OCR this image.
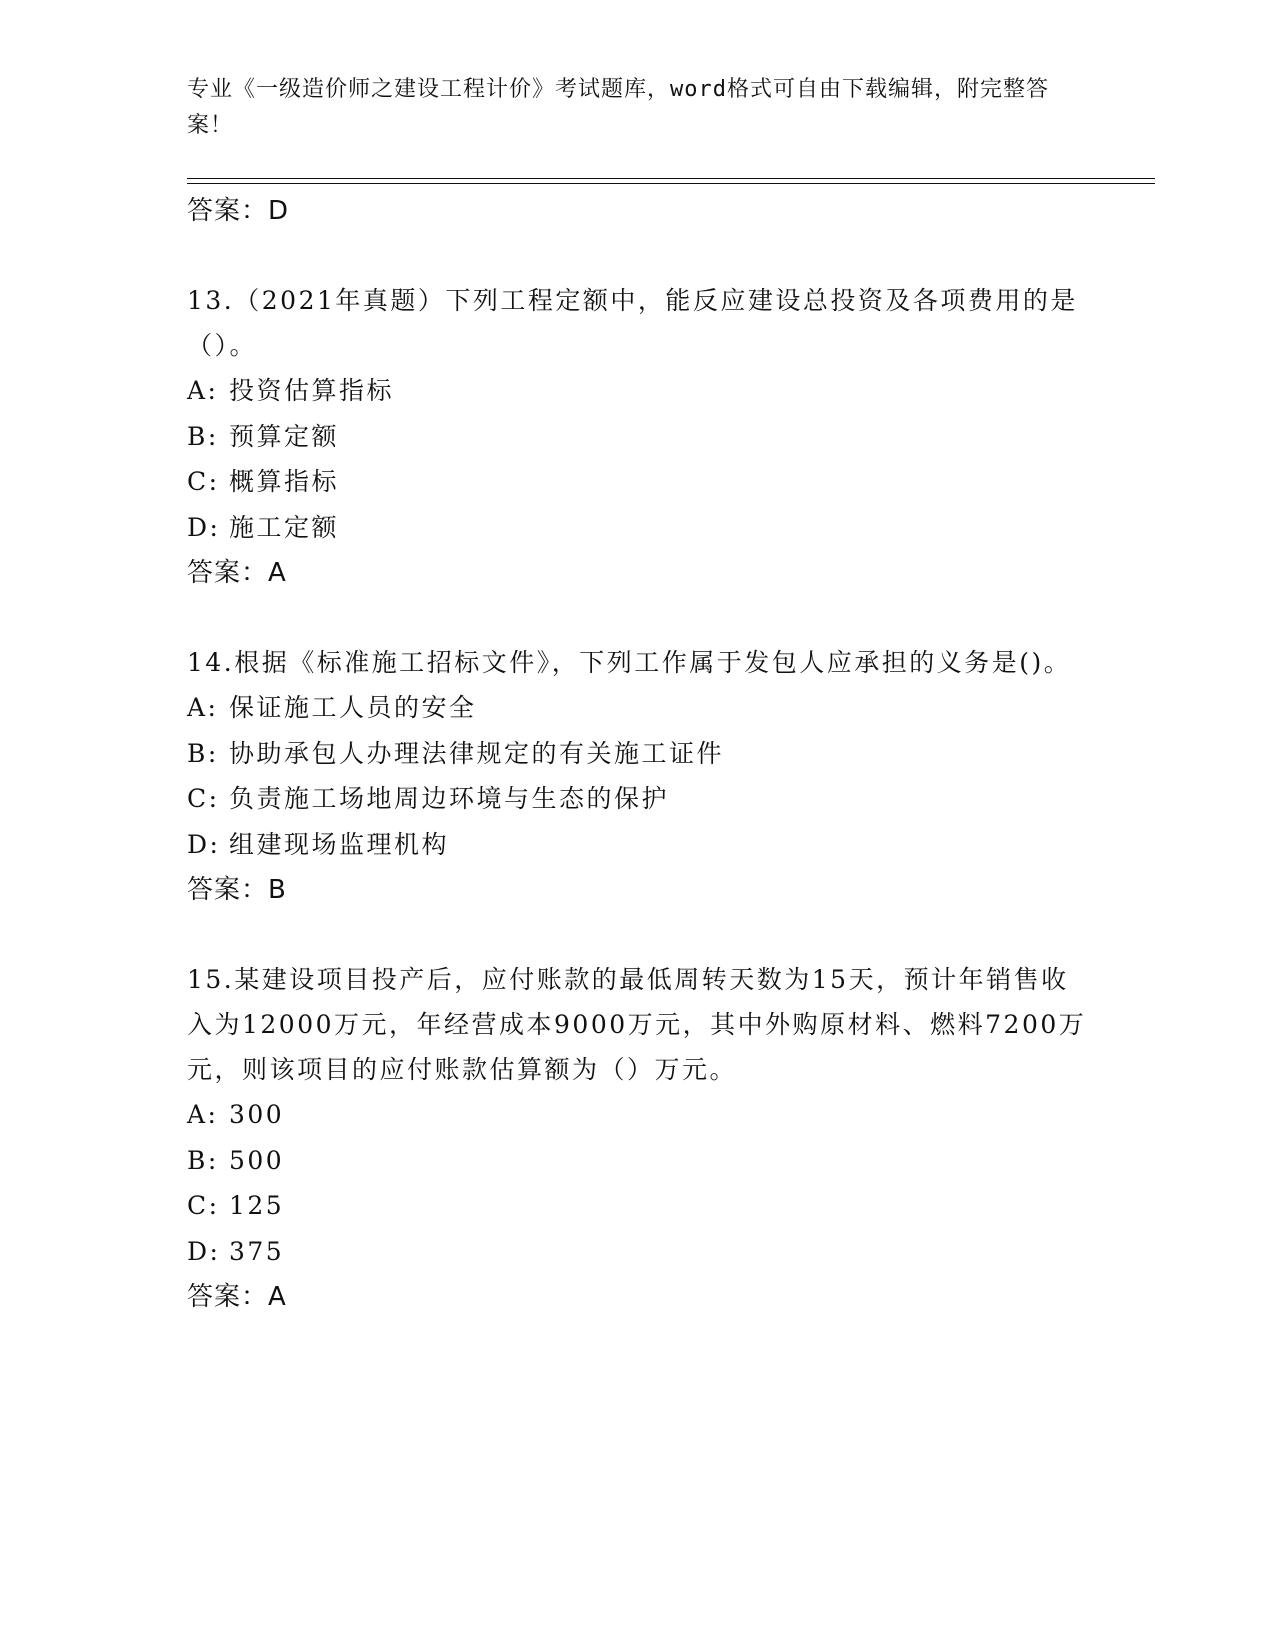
专业《一级造价师之建设工程计价》考试题库，word格式可自由下载编辑，附完整答案！
答案：D
13.（2021年真题）下列工程定额中，能反应建设总投资及各项费用的是（）。
A: 投资估算指标
B: 预算定额
C: 概算指标
D: 施工定额
答案：A
14.根据《标准施工招标文件》，下列工作属于发包人应承担的义务是()。
A: 保证施工人员的安全
B: 协助承包人办理法律规定的有关施工证件
C: 负责施工场地周边环境与生态的保护
D: 组建现场监理机构
答案：B
15.某建设项目投产后，应付账款的最低周转天数为15天，预计年销售收入为12000万元，年经营成本9000万元，其中外购原材料、燃料7200万元，则该项目的应付账款估算额为（）万元。
A: 300
B: 500
C: 125
D: 375
答案：A
